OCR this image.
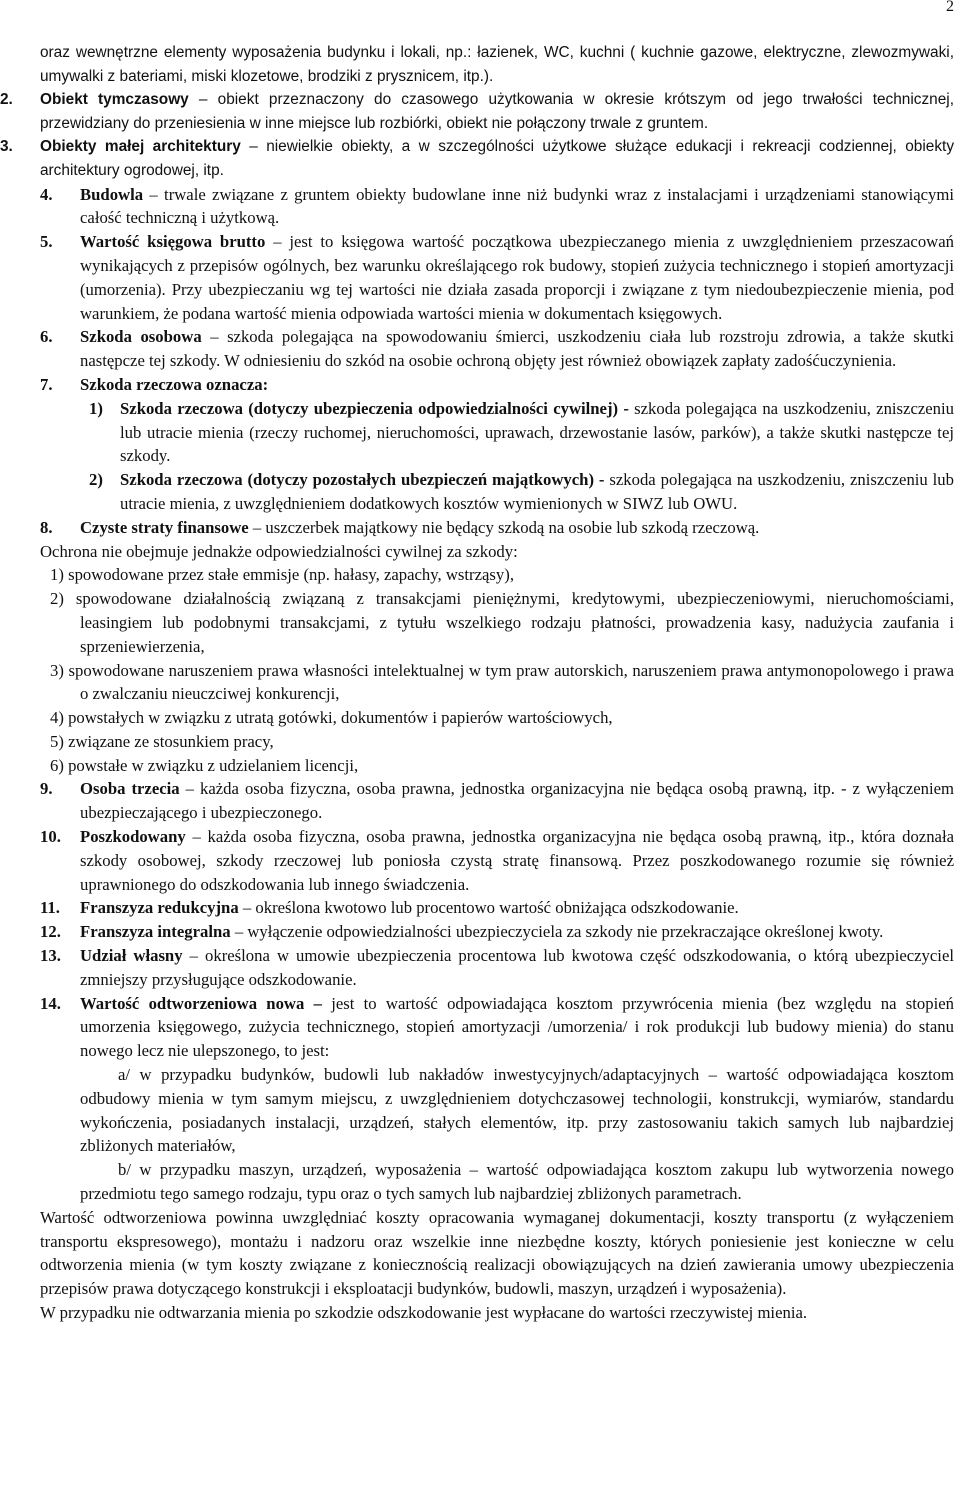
2

oraz wewnętrzne elementy wyposażenia budynku i lokali, np.: łazienek, WC, kuchni ( kuchnie gazowe, elektryczne, zlewozmywaki, umywalki z bateriami, miski klozetowe, brodziki z prysznicem, itp.).

2. Obiekt tymczasowy – obiekt przeznaczony do czasowego użytkowania w okresie krótszym od jego trwałości technicznej, przewidziany do przeniesienia w inne miejsce lub rozbiórki, obiekt nie połączony trwale z gruntem.

3. Obiekty małej architektury – niewielkie obiekty, a w szczególności użytkowe służące edukacji i rekreacji codziennej, obiekty architektury ogrodowej, itp.

4. Budowla – trwale związane z gruntem obiekty budowlane inne niż budynki wraz z instalacjami i urządzeniami stanowiącymi całość techniczną i użytkową.

5. Wartość księgowa brutto – jest to księgowa wartość początkowa ubezpieczanego mienia z uwzględnieniem przeszacowań wynikających z przepisów ogólnych, bez warunku określającego rok budowy, stopień zużycia technicznego i stopień amortyzacji (umorzenia). Przy ubezpieczaniu wg tej wartości nie działa zasada proporcji i związane z tym niedoubezpieczenie mienia, pod warunkiem, że podana wartość mienia odpowiada wartości mienia w dokumentach księgowych.

6. Szkoda osobowa – szkoda polegająca na spowodowaniu śmierci, uszkodzeniu ciała lub rozstroju zdrowia, a także skutki następcze tej szkody. W odniesieniu do szkód na osobie ochroną objęty jest również obowiązek zapłaty zadośćuczynienia.

7. Szkoda rzeczowa oznacza:

1) Szkoda rzeczowa (dotyczy ubezpieczenia odpowiedzialności cywilnej) - szkoda polegająca na uszkodzeniu, zniszczeniu lub utracie mienia (rzeczy ruchomej, nieruchomości, uprawach, drzewostanie lasów, parków), a także skutki następcze tej szkody.

2) Szkoda rzeczowa (dotyczy pozostałych ubezpieczeń majątkowych) - szkoda polegająca na uszkodzeniu, zniszczeniu lub utracie mienia, z uwzględnieniem dodatkowych kosztów wymienionych w SIWZ lub OWU.

8. Czyste straty finansowe – uszczerbek majątkowy nie będący szkodą na osobie lub szkodą rzeczową.

Ochrona nie obejmuje jednakże odpowiedzialności cywilnej za szkody:

1) spowodowane przez stałe emmisje (np. hałasy, zapachy, wstrząsy),

2) spowodowane działalnością związaną z transakcjami pieniężnymi, kredytowymi, ubezpieczeniowymi, nieruchomościami, leasingiem lub podobnymi transakcjami, z tytułu wszelkiego rodzaju płatności, prowadzenia kasy, nadużycia zaufania i sprzeniewierzenia,

3) spowodowane naruszeniem prawa własności intelektualnej w tym praw autorskich, naruszeniem prawa antymonopolowego i prawa o zwalczaniu nieuczciwej konkurencji,

4) powstałych w związku z utratą gotówki, dokumentów i papierów wartościowych,

5) związane ze stosunkiem pracy,

6) powstałe w związku z udzielaniem licencji,

9. Osoba trzecia – każda osoba fizyczna, osoba prawna, jednostka organizacyjna nie będąca osobą prawną, itp. - z wyłączeniem ubezpieczającego i ubezpieczonego.

10. Poszkodowany – każda osoba fizyczna, osoba prawna, jednostka organizacyjna nie będąca osobą prawną, itp., która doznała szkody osobowej, szkody rzeczowej lub poniosła czystą stratę finansową. Przez poszkodowanego rozumie się również uprawnionego do odszkodowania lub innego świadczenia.

11. Franszyza redukcyjna – określona kwotowo lub procentowo wartość obniżająca odszkodowanie.

12. Franszyza integralna – wyłączenie odpowiedzialności ubezpieczyciela za szkody nie przekraczające określonej kwoty.

13. Udział własny – określona w umowie ubezpieczenia procentowa lub kwotowa część odszkodowania, o którą ubezpieczyciel zmniejszy przysługujące odszkodowanie.

14. Wartość odtworzeniowa nowa – jest to wartość odpowiadająca kosztom przywrócenia mienia (bez względu na stopień umorzenia księgowego, zużycia technicznego, stopień amortyzacji /umorzenia/ i rok produkcji lub budowy mienia) do stanu nowego lecz nie ulepszonego, to jest:

a/ w przypadku budynków, budowli lub nakładów inwestycyjnych/adaptacyjnych – wartość odpowiadająca kosztom odbudowy mienia w tym samym miejscu, z uwzględnieniem dotychczasowej technologii, konstrukcji, wymiarów, standardu wykończenia, posiadanych instalacji, urządzeń, stałych elementów, itp. przy zastosowaniu takich samych lub najbardziej zbliżonych materiałów,

b/ w przypadku maszyn, urządzeń, wyposażenia – wartość odpowiadająca kosztom zakupu lub wytworzenia nowego przedmiotu tego samego rodzaju, typu oraz o tych samych lub najbardziej zbliżonych parametrach.

Wartość odtworzeniowa powinna uwzględniać koszty opracowania wymaganej dokumentacji, koszty transportu (z wyłączeniem transportu ekspresowego), montażu i nadzoru oraz wszelkie inne niezbędne koszty, których poniesienie jest konieczne w celu odtworzenia mienia (w tym koszty związane z koniecznością realizacji obowiązujących na dzień zawierania umowy ubezpieczenia przepisów prawa dotyczącego konstrukcji i eksploatacji budynków, budowli, maszyn, urządzeń i wyposażenia).

W przypadku nie odtwarzania mienia po szkodzie odszkodowanie jest wypłacane do wartości rzeczywistej mienia.
